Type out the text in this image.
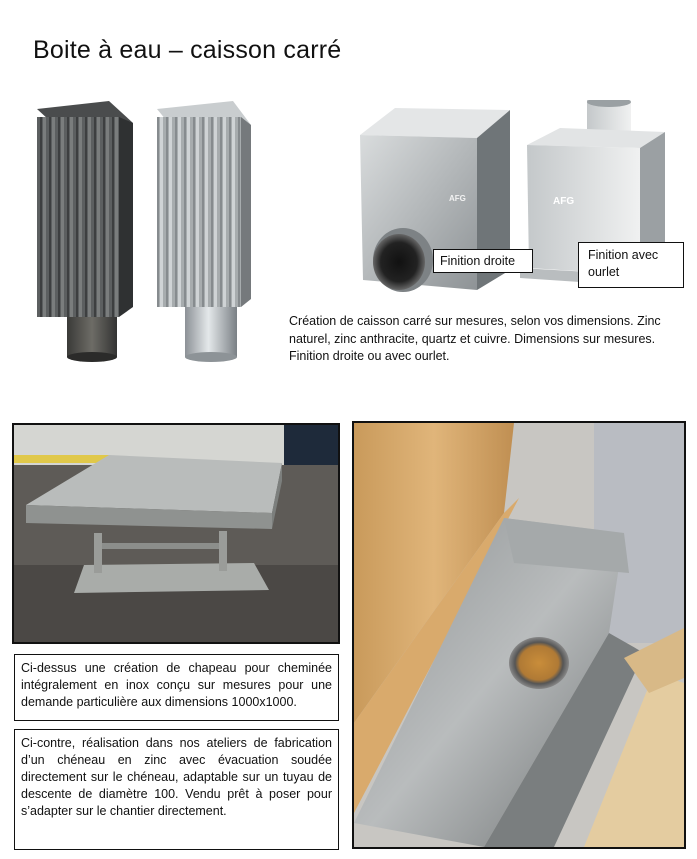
Boite à eau – caisson carré
AFG	AFG
Finition droite	Finition avec ourlet
Création de caisson carré sur mesures, selon vos dimensions. Zinc naturel, zinc anthracite, quartz et cuivre. Dimensions sur mesures. Finition droite ou avec ourlet.
Ci-dessus une création de chapeau pour cheminée intégralement en inox conçu sur mesures pour une demande particulière aux dimensions 1000x1000.
Ci-contre, réalisation dans nos ateliers de fabrication d’un chéneau en zinc avec évacuation soudée directement sur le chéneau, adaptable sur un tuyau de descente de diamètre 100. Vendu prêt à poser pour s’adapter sur le chantier directement.
